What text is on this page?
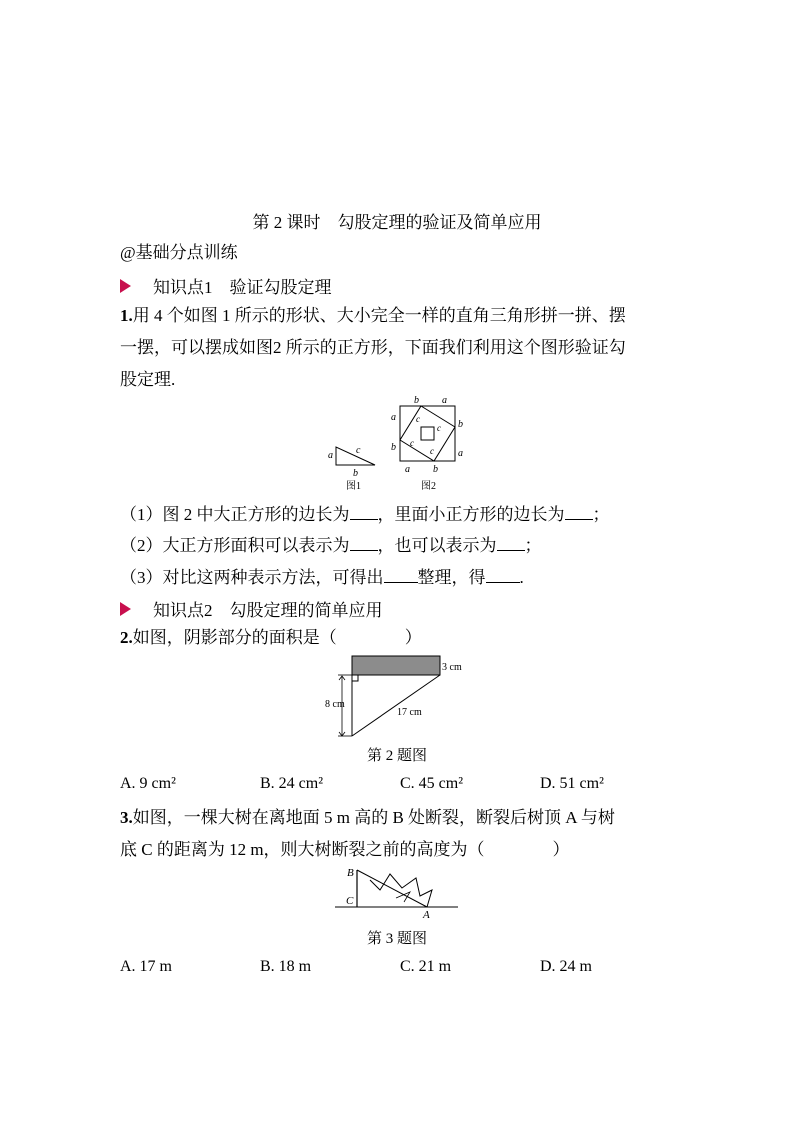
第 2 课时　勾股定理的验证及简单应用
@基础分点训练
知识点1　验证勾股定理
1.用 4 个如图 1 所示的形状、大小完全一样的直角三角形拼一拼、摆
一摆，可以摆成如图2 所示的正方形，下面我们利用这个图形验证勾
股定理.
a c
b
图1
b a
a
b
b
a
a b
c
c
c
c
图2
（1）图 2 中大正方形的边长为 ，里面小正方形的边长为 ；
（2）大正方形面积可以表示为 ，也可以表示为 ；
（3）对比这两种表示方法，可得出 整理，得 .
知识点2　勾股定理的简单应用
2.如图，阴影部分的面积是（　　　　）
3 cm
8 cm
17 cm
第 2 题图
A. 9 cm²	B. 24 cm²	C. 45 cm²	D. 51 cm²
3.如图，一棵大树在离地面 5 m 高的 B 处断裂，断裂后树顶 A 与树
底 C 的距离为 12 m，则大树断裂之前的高度为（　　　　）
B
C
A
第 3 题图
A. 17 m	B. 18 m	C. 21 m	D. 24 m
